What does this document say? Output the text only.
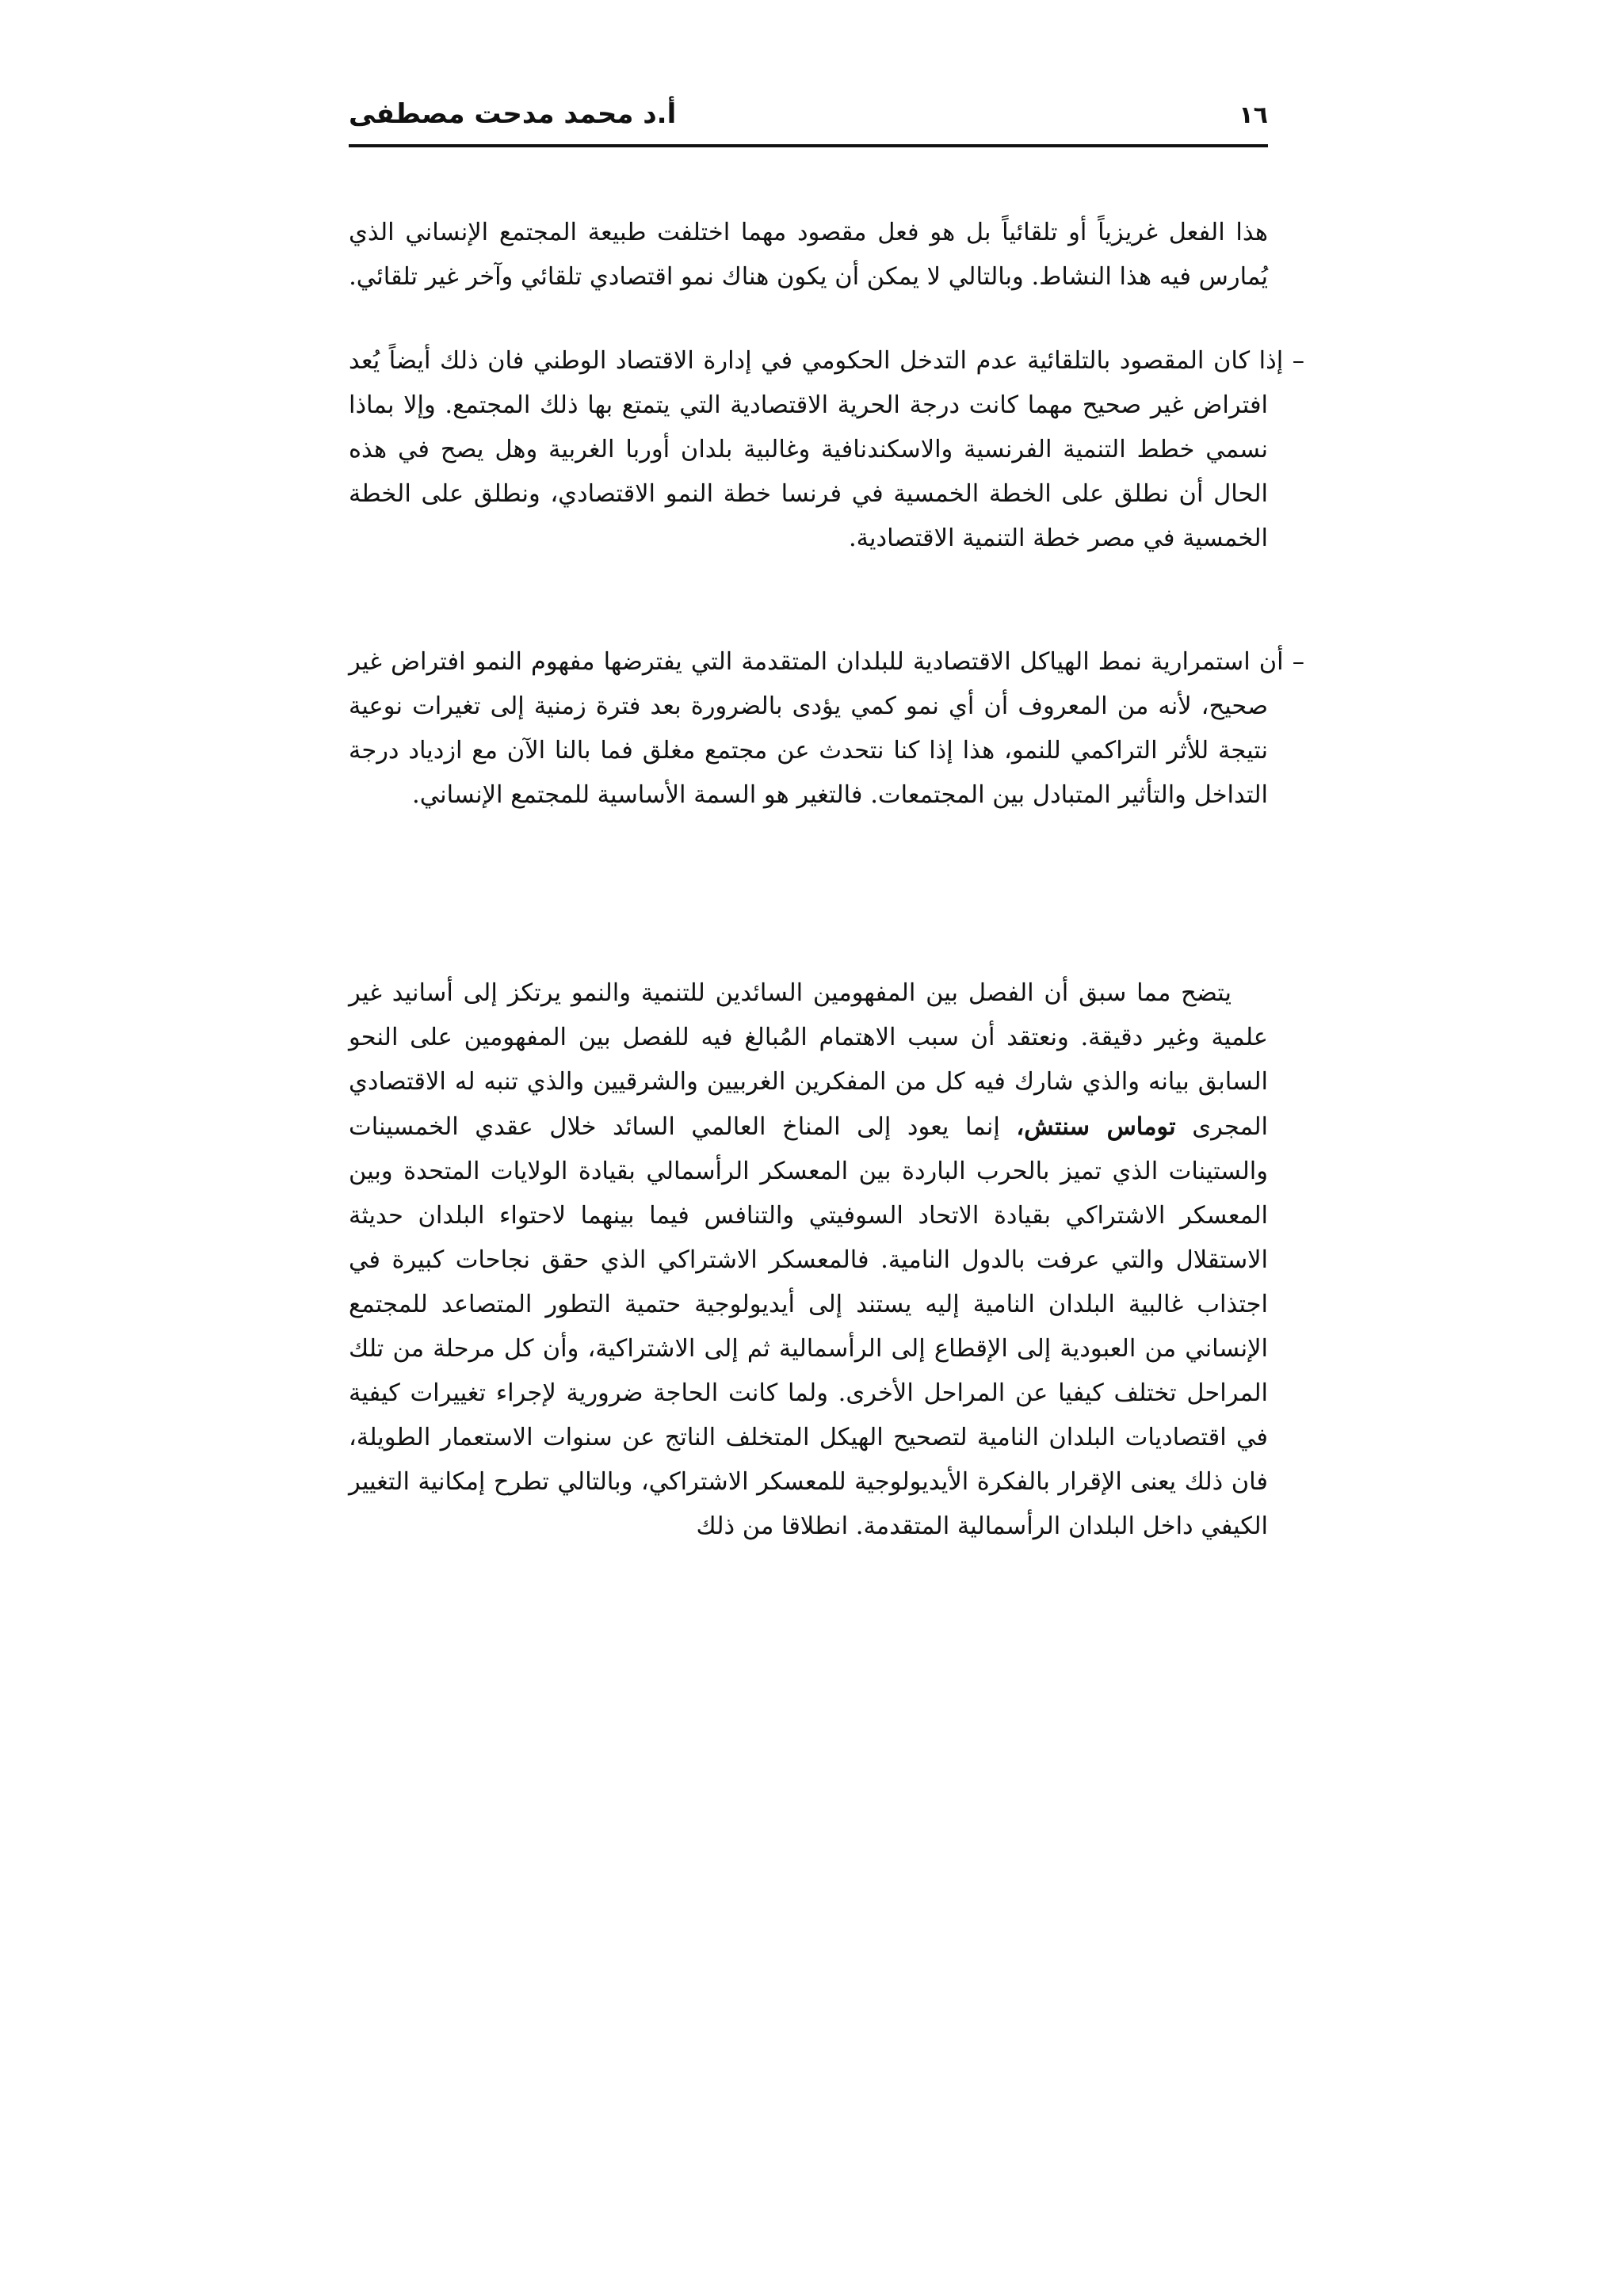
١٦
أ.د محمد مدحت مصطفى

هذا الفعل غريزياً أو تلقائياً بل هو فعل مقصود مهما اختلفت طبيعة المجتمع الإنساني الذي يُمارس فيه هذا النشاط. وبالتالي لا يمكن أن يكون هناك نمو اقتصادي تلقائي وآخر غير تلقائي.

– إذا كان المقصود بالتلقائية عدم التدخل الحكومي في إدارة الاقتصاد الوطني فان ذلك أيضاً يُعد افتراض غير صحيح مهما كانت درجة الحرية الاقتصادية التي يتمتع بها ذلك المجتمع. وإلا بماذا نسمي خطط التنمية الفرنسية والاسكندنافية وغالبية بلدان أوربا الغربية وهل يصح في هذه الحال أن نطلق على الخطة الخمسية في فرنسا خطة النمو الاقتصادي، ونطلق على الخطة الخمسية في مصر خطة التنمية الاقتصادية.

– أن استمرارية نمط الهياكل الاقتصادية للبلدان المتقدمة التي يفترضها مفهوم النمو افتراض غير صحيح، لأنه من المعروف أن أي نمو كمي يؤدى بالضرورة بعد فترة زمنية إلى تغيرات نوعية نتيجة للأثر التراكمي للنمو، هذا إذا كنا نتحدث عن مجتمع مغلق فما بالنا الآن مع ازدياد درجة التداخل والتأثير المتبادل بين المجتمعات. فالتغير هو السمة الأساسية للمجتمع الإنساني.

يتضح مما سبق أن الفصل بين المفهومين السائدين للتنمية والنمو يرتكز إلى أسانيد غير علمية وغير دقيقة. ونعتقد أن سبب الاهتمام المُبالغ فيه للفصل بين المفهومين على النحو السابق بيانه والذي شارك فيه كل من المفكرين الغربيين والشرقيين والذي تنبه له الاقتصادي المجرى توماس سنتش، إنما يعود إلى المناخ العالمي السائد خلال عقدي الخمسينات والستينات الذي تميز بالحرب الباردة بين المعسكر الرأسمالي بقيادة الولايات المتحدة وبين المعسكر الاشتراكي بقيادة الاتحاد السوفيتي والتنافس فيما بينهما لاحتواء البلدان حديثة الاستقلال والتي عرفت بالدول النامية. فالمعسكر الاشتراكي الذي حقق نجاحات كبيرة في اجتذاب غالبية البلدان النامية إليه يستند إلى أيديولوجية حتمية التطور المتصاعد للمجتمع الإنساني من العبودية إلى الإقطاع إلى الرأسمالية ثم إلى الاشتراكية، وأن كل مرحلة من تلك المراحل تختلف كيفيا عن المراحل الأخرى. ولما كانت الحاجة ضرورية لإجراء تغييرات كيفية في اقتصاديات البلدان النامية لتصحيح الهيكل المتخلف الناتج عن سنوات الاستعمار الطويلة، فان ذلك يعنى الإقرار بالفكرة الأيديولوجية للمعسكر الاشتراكي، وبالتالي تطرح إمكانية التغيير الكيفي داخل البلدان الرأسمالية المتقدمة. انطلاقا من ذلك
